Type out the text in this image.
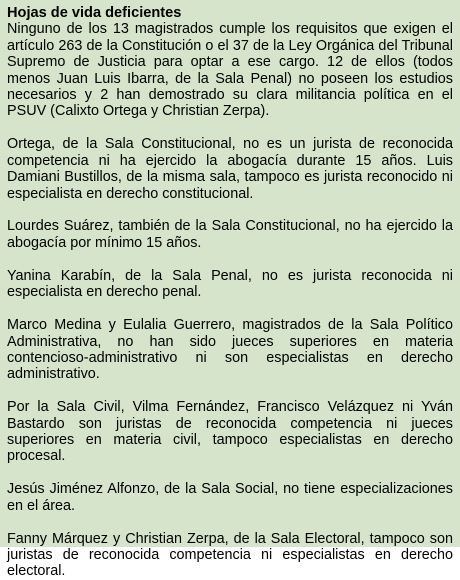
Hojas de vida deficientes

Ninguno de los 13 magistrados cumple los requisitos que exigen el artículo 263 de la Constitución o el 37 de la Ley Orgánica del Tribunal Supremo de Justicia para optar a ese cargo. 12 de ellos (todos menos Juan Luis Ibarra, de la Sala Penal) no poseen los estudios necesarios y 2 han demostrado su clara militancia política en el PSUV (Calixto Ortega y Christian Zerpa).

Ortega, de la Sala Constitucional, no es un jurista de reconocida competencia ni ha ejercido la abogacía durante 15 años. Luis Damiani Bustillos, de la misma sala, tampoco es jurista reconocido ni especialista en derecho constitucional.

Lourdes Suárez, también de la Sala Constitucional, no ha ejercido la abogacía por mínimo 15 años.

Yanina Karabín, de la Sala Penal, no es jurista reconocida ni especialista en derecho penal.

Marco Medina y Eulalia Guerrero, magistrados de la Sala Político Administrativa, no han sido jueces superiores en materia contencioso-administrativo ni son especialistas en derecho administrativo.

Por la Sala Civil, Vilma Fernández, Francisco Velázquez ni Yván Bastardo son juristas de reconocida competencia ni jueces superiores en materia civil, tampoco especialistas en derecho procesal.

Jesús Jiménez Alfonzo, de la Sala Social, no tiene especializaciones en el área.

Fanny Márquez y Christian Zerpa, de la Sala Electoral, tampoco son juristas de reconocida competencia ni especialistas en derecho electoral.
